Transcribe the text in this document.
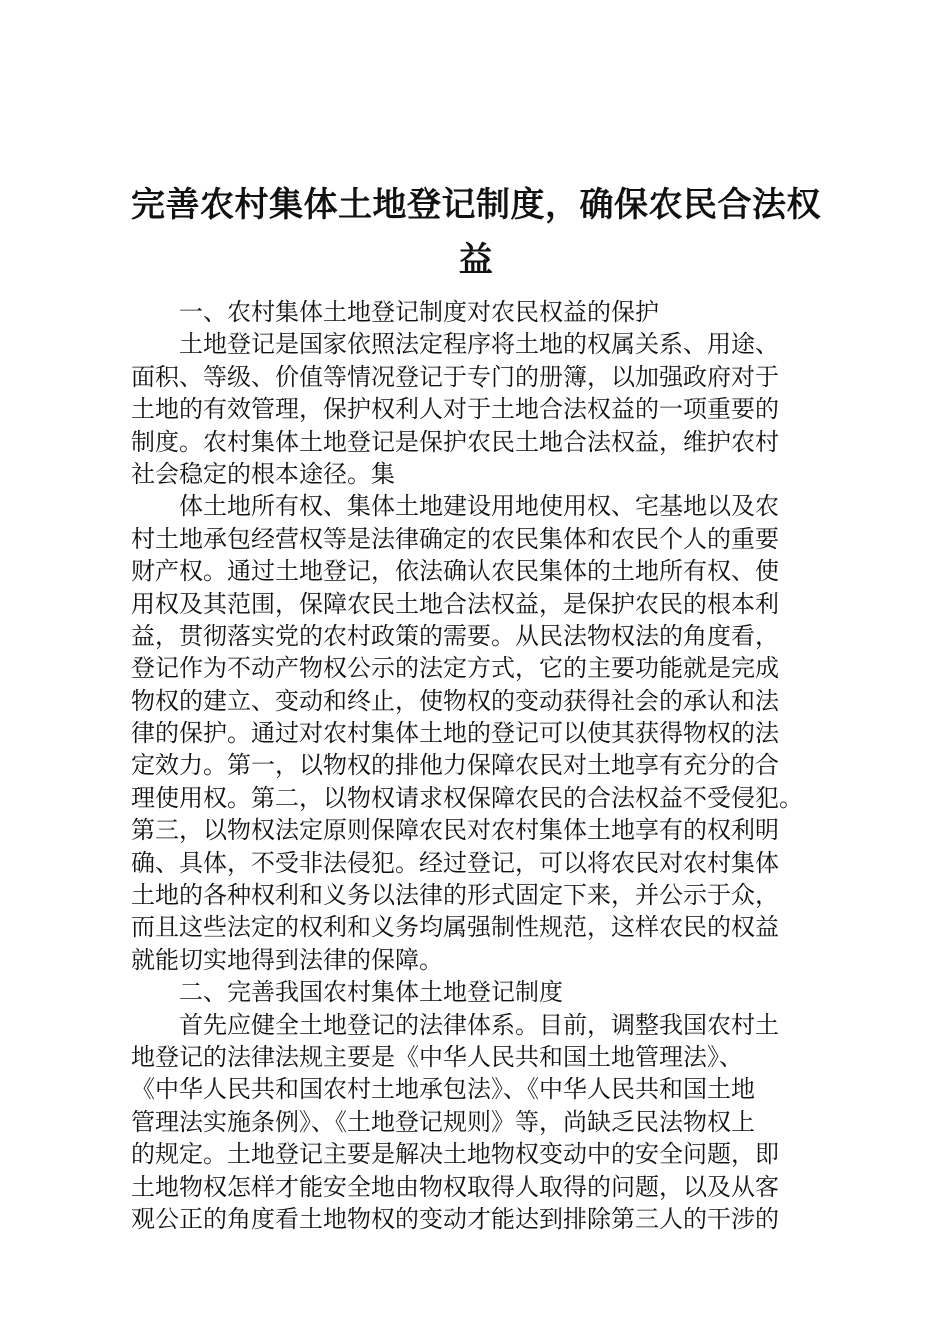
完善农村集体土地登记制度，确保农民合法权
益
一、农村集体土地登记制度对农民权益的保护
土地登记是国家依照法定程序将土地的权属关系、用途、
面积、等级、价值等情况登记于专门的册簿，以加强政府对于
土地的有效管理，保护权利人对于土地合法权益的一项重要的
制度。农村集体土地登记是保护农民土地合法权益，维护农村
社会稳定的根本途径。集
体土地所有权、集体土地建设用地使用权、宅基地以及农
村土地承包经营权等是法律确定的农民集体和农民个人的重要
财产权。通过土地登记，依法确认农民集体的土地所有权、使
用权及其范围，保障农民土地合法权益，是保护农民的根本利
益，贯彻落实党的农村政策的需要。从民法物权法的角度看，
登记作为不动产物权公示的法定方式，它的主要功能就是完成
物权的建立、变动和终止，使物权的变动获得社会的承认和法
律的保护。通过对农村集体土地的登记可以使其获得物权的法
定效力。第一，以物权的排他力保障农民对土地享有充分的合
理使用权。第二，以物权请求权保障农民的合法权益不受侵犯。
第三，以物权法定原则保障农民对农村集体土地享有的权利明
确、具体，不受非法侵犯。经过登记，可以将农民对农村集体
土地的各种权利和义务以法律的形式固定下来，并公示于众，
而且这些法定的权利和义务均属强制性规范，这样农民的权益
就能切实地得到法律的保障。
二、完善我国农村集体土地登记制度
首先应健全土地登记的法律体系。目前，调整我国农村土
地登记的法律法规主要是《中华人民共和国土地管理法》、
《中华人民共和国农村土地承包法》、《中华人民共和国土地
管理法实施条例》、《土地登记规则》等，尚缺乏民法物权上
的规定。土地登记主要是解决土地物权变动中的安全问题，即
土地物权怎样才能安全地由物权取得人取得的问题，以及从客
观公正的角度看土地物权的变动才能达到排除第三人的干涉的
